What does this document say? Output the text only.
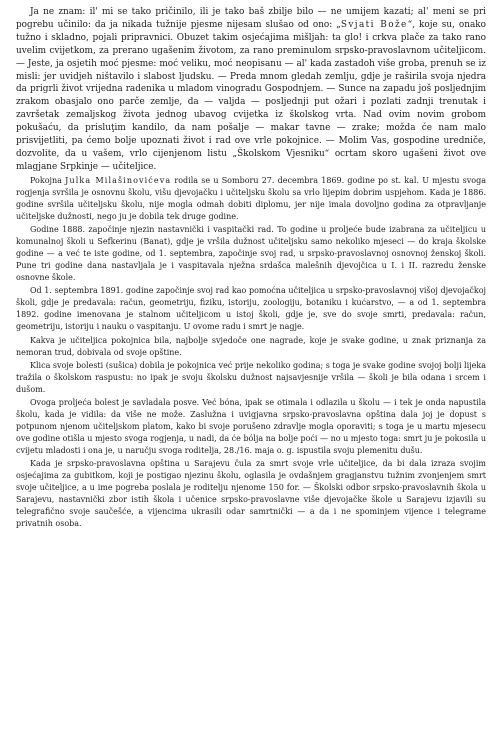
Ja ne znam: il' mi se tako pričinilo, ili je tako baš zbilje bilo — ne umijem kazati; al' meni se pri pogrebu učinilo: da ja nikada tužnije pjesme nijesam slušao od ono: „Svjati Bože“, koje su, onako tužno i skladno, pojali pripravnici. Obuzet takim osjećajima mišljah: ta glo! i crkva plače za tako rano uvelim cvijetkom, za prerano ugašenim životom, za rano preminulom srpsko-pravoslavnom učiteljicom. — Jeste, ja osjetih moć pjesme: moć veliku, moć neopisanu — al' kada zastadoh više groba, prenuh se iz misli: jer uvidjeh ništavilo i slabost ljudsku. — Preda mnom gledah zemlju, gdje je raširila svoja njedra da prigrli život vrijedna radenika u mladom vinogradu Gospodnjem. — Sunce na zapadu još posljednjim zrakom obasjalo ono parče zemlje, da — valjda — posljednji put ožari i pozlati zadnji trenutak i završetak zemaljskog života jednog ubavog cvijetka iz školskog vrta. Nad ovim novim grobom pokušaću, da prisluţim kandilo, da nam pošalje — makar tavne — zrake; možda će nam malo prisvijetliti, pa ćemo bolje upoznati život i rad ove vrle pokojnice. — Molim Vas, gospodine uredniče, dozvolite, da u vašem, vrlo cijenjenom listu „Školskom Vjesniku“ ocrtam skoro ugašeni život ove mlagjane Srpkinje — učiteljice.

Pokojna Julka Milašinovićeva rodila se u Somboru 27. decembra 1869. godine po st. kal. U mjestu svoga rogjenja svršila je osnovnu školu, višu djevojačku i učiteljsku školu sa vrlo lijepim dobrim uspjehom. Kada je 1886. godine svršila učiteljsku školu, nije mogla odmah dobiti diplomu, jer nije imala dovoljno godina za otpravljanje učiteljske dužnosti, nego ju je dobila tek druge godine.

Godine 1888. započinje njezin nastavnički i vaspitački rad. To godine u proljeće bude izabrana za učiteljicu u komunalnoj školi u Sefkerinu (Banat), gdje je vršila dužnost učiteljsku samo nekoliko mjeseci — do kraja školske godine — a već te iste godine, od 1. septembra, započinje svoj rad, u srpsko-pravoslavnoj osnovnoj ženskoj školi. Pune tri godine dana nastavljala je i vaspitavala nježna srdašca malešnih djevojčica u I. i II. razredu ženske osnovne škole.

Od 1. septembra 1891. godine započinje svoj rad kao pomoćna učiteljica u srpsko-pravoslavnoj višoj djevojačkoj školi, gdje je predavala: račun, geometriju, fiziku, istoriju, zoologiju, botaniku i kućarstvo, — a od 1. septembra 1892. godine imenovana je stalnom učiteljicom u istoj školi, gdje je, sve do svoje smrti, predavala: račun, geometriju, istoriju i nauku o vaspitanju. U ovome radu i smrt je nagje.

Kakva je učiteljica pokojnica bila, najbolje svjedoče one nagrade, koje je svake godine, u znak priznanja za nemoran trud, dobivala od svoje opštine.

Klica svoje bolesti (sušica) dobila je pokojnica već prije nekoliko godina; s toga je svake godine svojoj bolji lijeka tražila o školskom raspustu: no ipak je svoju školsku dužnost najsavjesnije vršila — školi je bila odana i srcem i dušom.

Ovoga proljeća bolest je savladala posve. Već bóna, ipak se otimala i odlazila u školu — i tek je onda napustila školu, kada je vidila: da više ne može. Zaslužna i uvigjavna srpsko-pravoslavna opština dala joj je dopust s potpunom njenom učiteljskom platom, kako bi svoje porušeno zdravlje mogla oporaviti; s toga je u martu mjesecu ove godine otišla u mjesto svoga rogjenja, u nadi, da će bólja na bolje poći — no u mjesto toga: smrt ju je pokosila u cvijetu mladosti i ona je, u naručju svoga roditelja, 28./16. maja o. g. ispustila svoju plemenitu dušu.

Kada je srpsko-pravoslavna opština u Sarajevu čula za smrt svoje vrle učiteljice, da bi dala izraza svojim osjećajima za gubitkom, koji je postigao njezinu školu, oglasila je ovdašnjem gragjanstvu tužnim zvonjenjem smrt svoje učiteljice, a u ime pogreba poslala je roditelju njenome 150 for. — Školski odbor srpsko-pravoslavnih škola u Sarajevu, nastavnički zbor istih škola i učenice srpsko-pravoslavne više djevojačke škole u Sarajevu izjavili su telegrafično svoje saučešće, a vijencima ukrasili odar samrtnički — a da i ne spominjem vijence i telegrame privatnih osoba.
